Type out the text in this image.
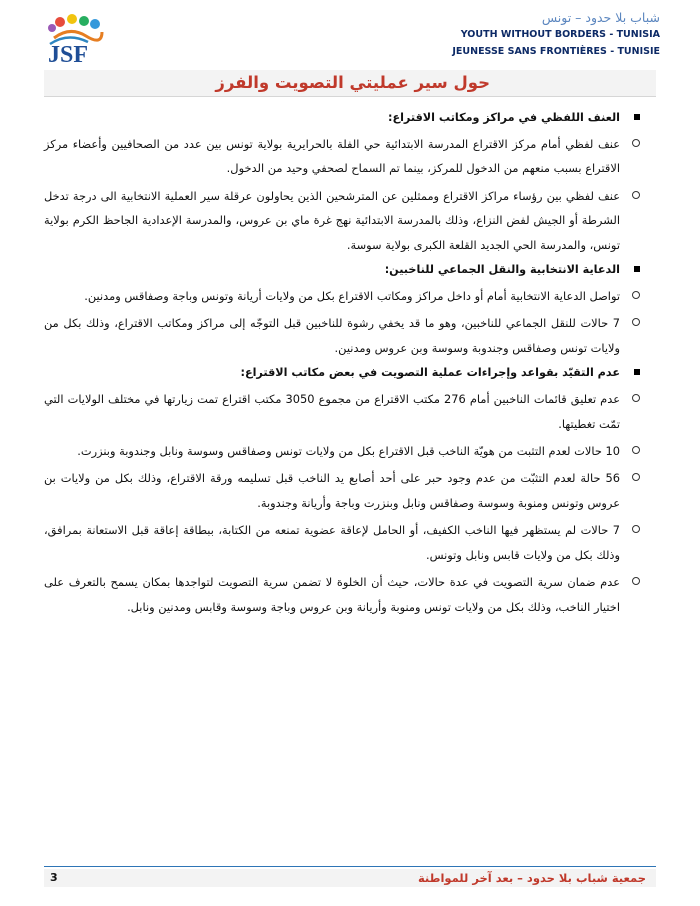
JSF
شباب بلا حدود – تونس
YOUTH WITHOUT BORDERS - TUNISIA
JEUNESSE SANS FRONTIÈRES - TUNISIE
حول سير عمليتي التصويت والفرز
العنف اللفظي في مراكز ومكاتب الاقتراع:
عنف لفظي أمام مركز الاقتراع المدرسة الابتدائية حي الفلة بالحرايرية بولاية تونس بين عدد من الصحافيين وأعضاء مركز الاقتراع بسبب منعهم من الدخول للمركز، بينما تم السماح لصحفي وحيد من الدخول.
عنف لفظي بين رؤساء مراكز الاقتراع وممثلين عن المترشحين الذين يحاولون عرقلة سير العملية الانتخابية الى درجة تدخل الشرطة أو الجيش لفض النزاع، وذلك بالمدرسة الابتدائية نهج غرة ماي بن عروس، والمدرسة الإعدادية الجاحظ الكرم بولاية تونس، والمدرسة الحي الجديد القلعة الكبرى بولاية سوسة.
الدعاية الانتخابية والنقل الجماعي للناخبين:
تواصل الدعاية الانتخابية أمام أو داخل مراكز ومكاتب الاقتراع بكل من ولايات أريانة وتونس وباجة وصفاقس ومدنين.
7 حالات للنقل الجماعي للناخبين، وهو ما قد يخفي رشوة للناخبين قبل التوجّه إلى مراكز ومكاتب الاقتراع، وذلك بكل من ولايات تونس وصفاقس وجندوبة وسوسة وبن عروس ومدنين.
عدم التقيّد بقواعد وإجراءات عملية التصويت في بعض مكاتب الاقتراع:
عدم تعليق قائمات الناخبين أمام 276 مكتب الاقتراع من مجموع 3050 مكتب اقتراع تمت زيارتها في مختلف الولايات التي تمّت تغطيتها.
10 حالات لعدم التثبت من هويّة الناخب قبل الاقتراع بكل من ولايات تونس وصفاقس وسوسة ونابل وجندوبة وبنزرت.
56 حالة لعدم التثبّت من عدم وجود حبر على أحد أصابع يد الناخب قبل تسليمه ورقة الاقتراع، وذلك بكل من ولايات بن عروس وتونس ومنوبة وسوسة وصفاقس ونابل وبنزرت وباجة وأريانة وجندوبة.
7 حالات لم يستظهر فيها الناخب الكفيف، أو الحامل لإعاقة عضوية تمنعه من الكتابة، ببطاقة إعاقة قبل الاستعانة بمرافق، وذلك بكل من ولايات قابس ونابل وتونس.
عدم ضمان سرية التصويت في عدة حالات، حيث أن الخلوة لا تضمن سرية التصويت لتواجدها بمكان يسمح بالتعرف على اختيار الناخب، وذلك بكل من ولايات تونس ومنوبة وأريانة وبن عروس وباجة وسوسة وقابس ومدنين ونابل.
جمعية شباب بلا حدود – بعد آخر للمواطنة
3
